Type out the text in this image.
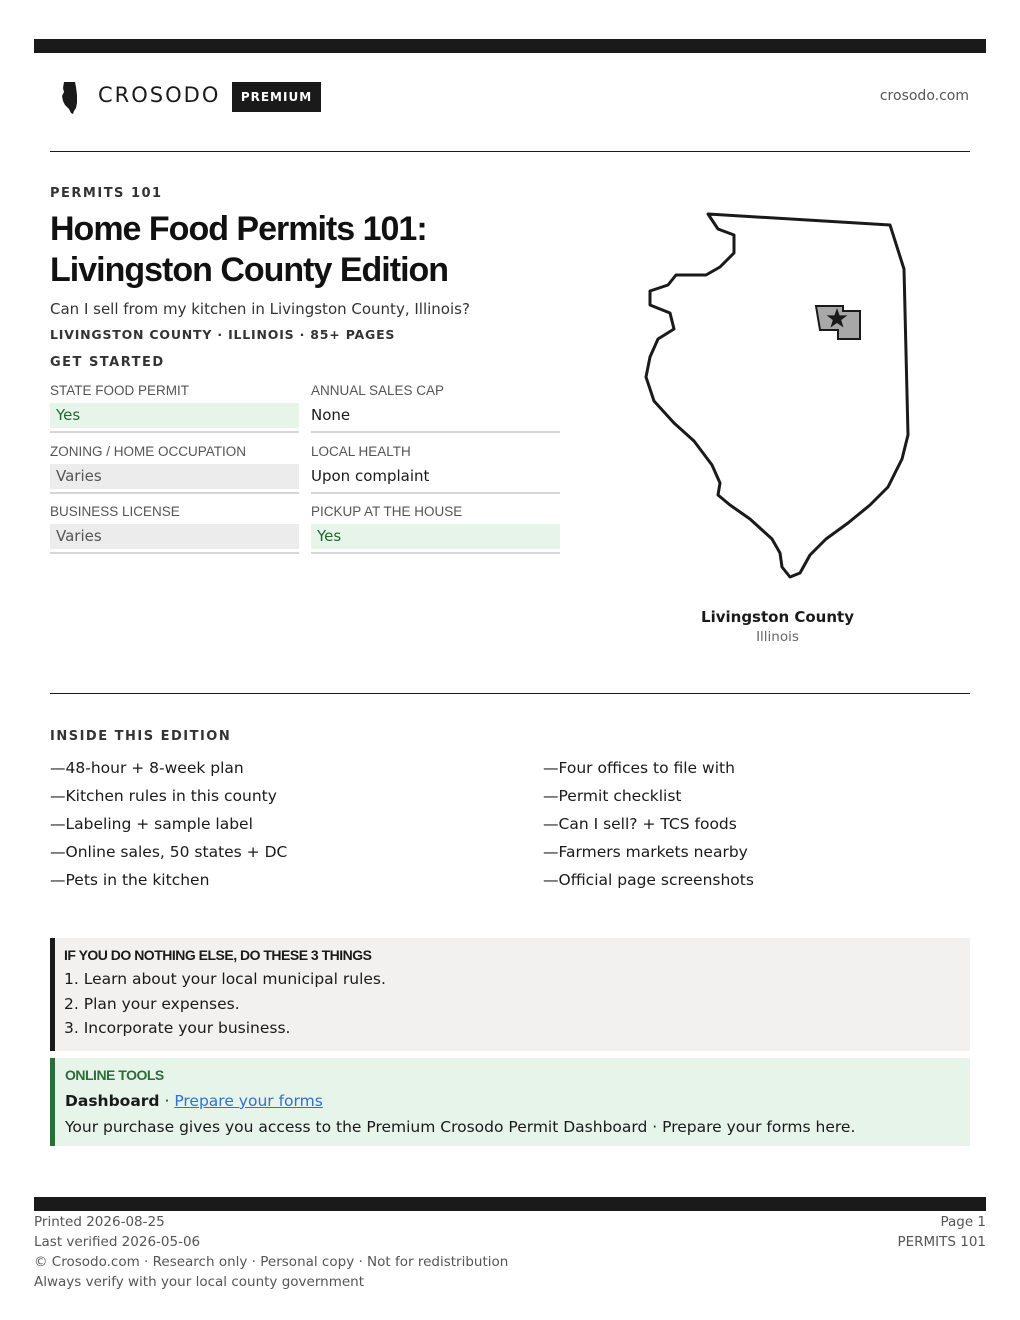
CROSODO	PREMIUM	crosodo.com
PERMITS 101
Home Food Permits 101:
Livingston County Edition
Can I sell from my kitchen in Livingston County, Illinois?
LIVINGSTON COUNTY · ILLINOIS · 85+ PAGES
GET STARTED
STATE FOOD PERMIT
Yes
ANNUAL SALES CAP
None
ZONING / HOME OCCUPATION
Varies
LOCAL HEALTH
Upon complaint
BUSINESS LICENSE
Varies
PICKUP AT THE HOUSE
Yes
Livingston County
Illinois
INSIDE THIS EDITION
—48-hour + 8-week plan
—Kitchen rules in this county
—Labeling + sample label
—Online sales, 50 states + DC
—Pets in the kitchen
—Four offices to file with
—Permit checklist
—Can I sell? + TCS foods
—Farmers markets nearby
—Official page screenshots
IF YOU DO NOTHING ELSE, DO THESE 3 THINGS
1. Learn about your local municipal rules.
2. Plan your expenses.
3. Incorporate your business.
ONLINE TOOLS
Dashboard · Prepare your forms
Your purchase gives you access to the Premium Crosodo Permit Dashboard · Prepare your forms here.
Printed 2026-08-25
Last verified 2026-05-06
© Crosodo.com · Research only · Personal copy · Not for redistribution
Always verify with your local county government
Page 1
PERMITS 101
